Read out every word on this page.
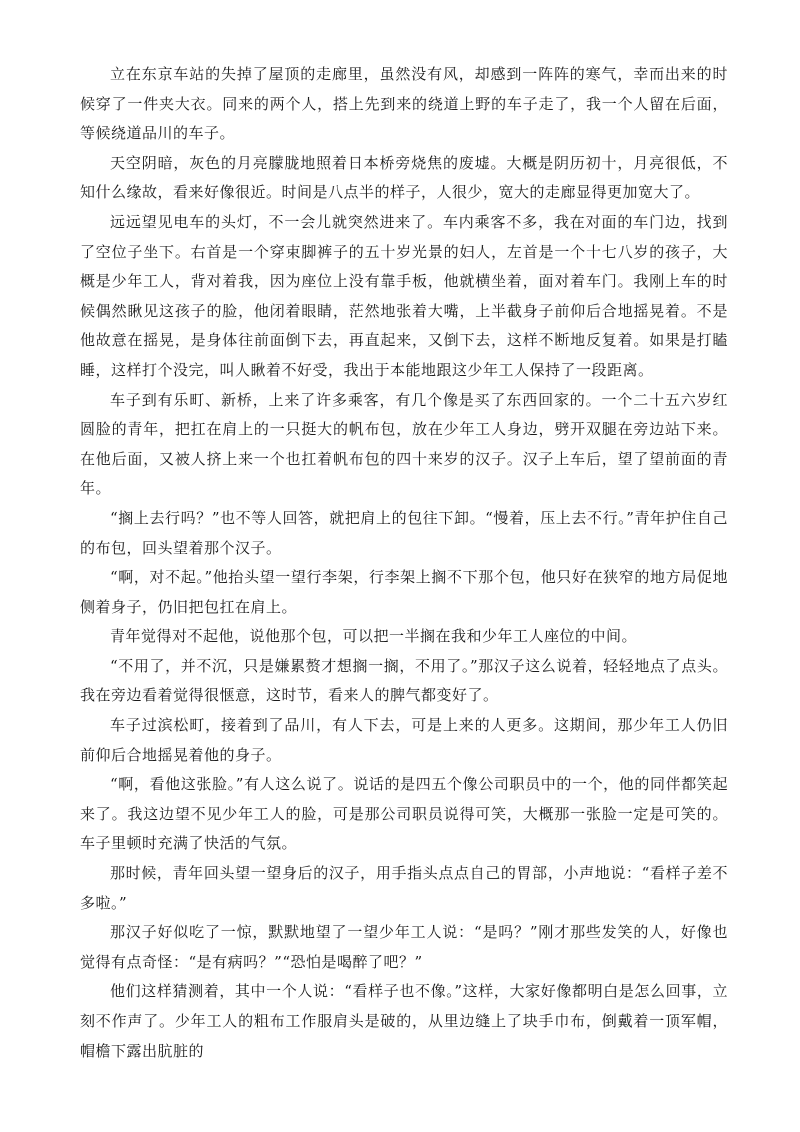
立在东京车站的失掉了屋顶的走廊里，虽然没有风，却感到一阵阵的寒气，幸而出来的时候穿了一件夹大衣。同来的两个人，搭上先到来的绕道上野的车子走了，我一个人留在后面，等候绕道品川的车子。

天空阴暗，灰色的月亮朦胧地照着日本桥旁烧焦的废墟。大概是阴历初十，月亮很低，不知什么缘故，看来好像很近。时间是八点半的样子，人很少，宽大的走廊显得更加宽大了。

远远望见电车的头灯，不一会儿就突然进来了。车内乘客不多，我在对面的车门边，找到了空位子坐下。右首是一个穿束脚裤子的五十岁光景的妇人，左首是一个十七八岁的孩子，大概是少年工人，背对着我，因为座位上没有靠手板，他就横坐着，面对着车门。我刚上车的时候偶然瞅见这孩子的脸，他闭着眼睛，茫然地张着大嘴，上半截身子前仰后合地摇晃着。不是他故意在摇晃，是身体往前面倒下去，再直起来，又倒下去，这样不断地反复着。如果是打瞌睡，这样打个没完，叫人瞅着不好受，我出于本能地跟这少年工人保持了一段距离。

车子到有乐町、新桥，上来了许多乘客，有几个像是买了东西回家的。一个二十五六岁红圆脸的青年，把扛在肩上的一只挺大的帆布包，放在少年工人身边，劈开双腿在旁边站下来。在他后面，又被人挤上来一个也扛着帆布包的四十来岁的汉子。汉子上车后，望了望前面的青年。

“搁上去行吗？”也不等人回答，就把肩上的包往下卸。“慢着，压上去不行。”青年护住自己的布包，回头望着那个汉子。

“啊，对不起。”他抬头望一望行李架，行李架上搁不下那个包，他只好在狭窄的地方局促地侧着身子，仍旧把包扛在肩上。

青年觉得对不起他，说他那个包，可以把一半搁在我和少年工人座位的中间。

“不用了，并不沉，只是嫌累赘才想搁一搁，不用了。”那汉子这么说着，轻轻地点了点头。我在旁边看着觉得很惬意，这时节，看来人的脾气都变好了。

车子过滨松町，接着到了品川，有人下去，可是上来的人更多。这期间，那少年工人仍旧前仰后合地摇晃着他的身子。

“啊，看他这张脸。”有人这么说了。说话的是四五个像公司职员中的一个，他的同伴都笑起来了。我这边望不见少年工人的脸，可是那公司职员说得可笑，大概那一张脸一定是可笑的。车子里顿时充满了快活的气氛。

那时候，青年回头望一望身后的汉子，用手指头点点自己的胃部，小声地说：“看样子差不多啦。”

那汉子好似吃了一惊，默默地望了一望少年工人说：“是吗？”刚才那些发笑的人，好像也觉得有点奇怪：“是有病吗？”“恐怕是喝醉了吧？”

他们这样猜测着，其中一个人说：“看样子也不像。”这样，大家好像都明白是怎么回事，立刻不作声了。少年工人的粗布工作服肩头是破的，从里边缝上了块手巾布，倒戴着一顶军帽，帽檐下露出肮脏的
